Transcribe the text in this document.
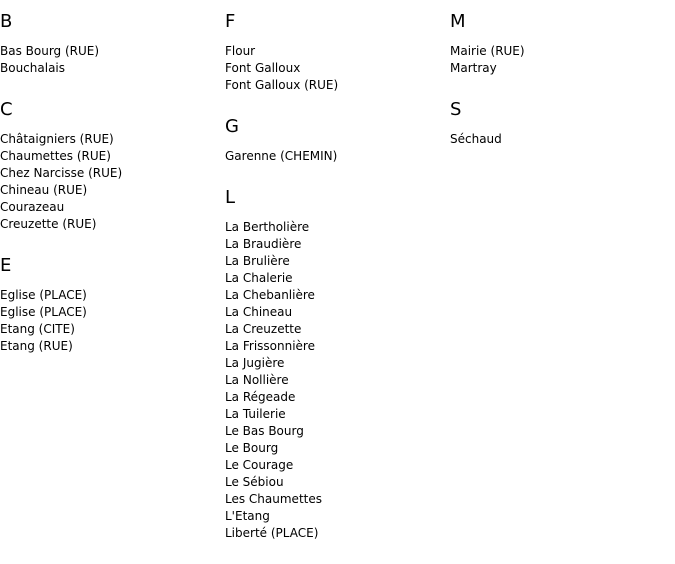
B
Bas Bourg (RUE)
Bouchalais
C
Châtaigniers (RUE)
Chaumettes (RUE)
Chez Narcisse (RUE)
Chineau (RUE)
Courazeau
Creuzette (RUE)
E
Eglise (PLACE)
Eglise (PLACE)
Etang (CITE)
Etang (RUE)
F
Flour
Font Galloux
Font Galloux (RUE)
G
Garenne (CHEMIN)
L
La Bertholière
La Braudière
La Brulière
La Chalerie
La Chebanlière
La Chineau
La Creuzette
La Frissonnière
La Jugière
La Nollière
La Régeade
La Tuilerie
Le Bas Bourg
Le Bourg
Le Courage
Le Sébiou
Les Chaumettes
L'Etang
Liberté (PLACE)
M
Mairie (RUE)
Martray
S
Séchaud
